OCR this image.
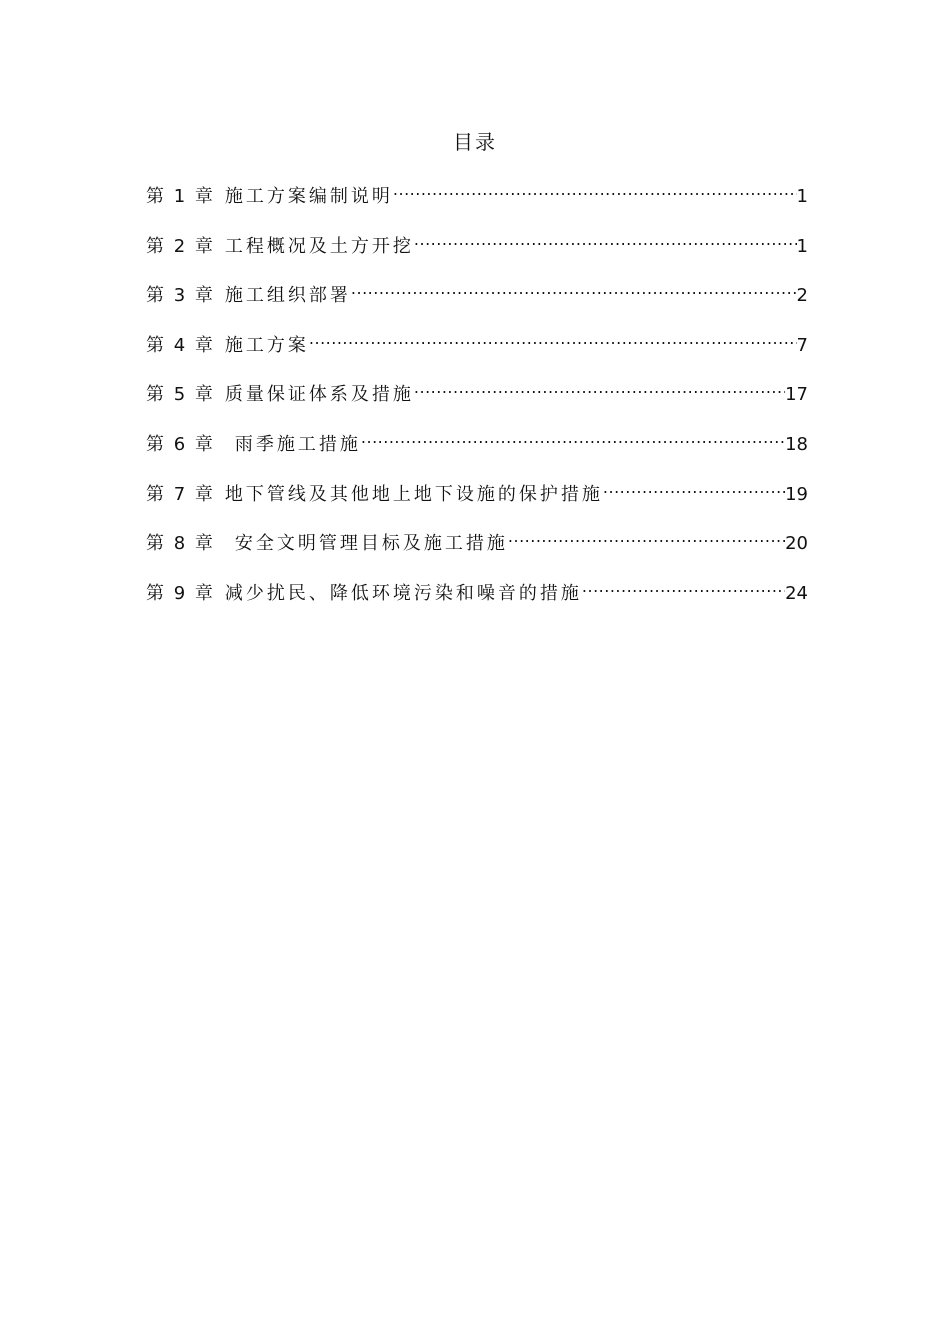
目录
第 1 章 施工方案编制说明 .....	1
第 2 章 工程概况及土方开挖 .....	1
第 3 章 施工组织部署 .....	2
第 4 章 施工方案 .....	7
第 5 章 质量保证体系及措施 .....	17
第 6 章 雨季施工措施 .....	18
第 7 章 地下管线及其他地上地下设施的保护措施 .....	19
第 8 章 安全文明管理目标及施工措施 .....	20
第 9 章 减少扰民、降低环境污染和噪音的措施 .....	24
